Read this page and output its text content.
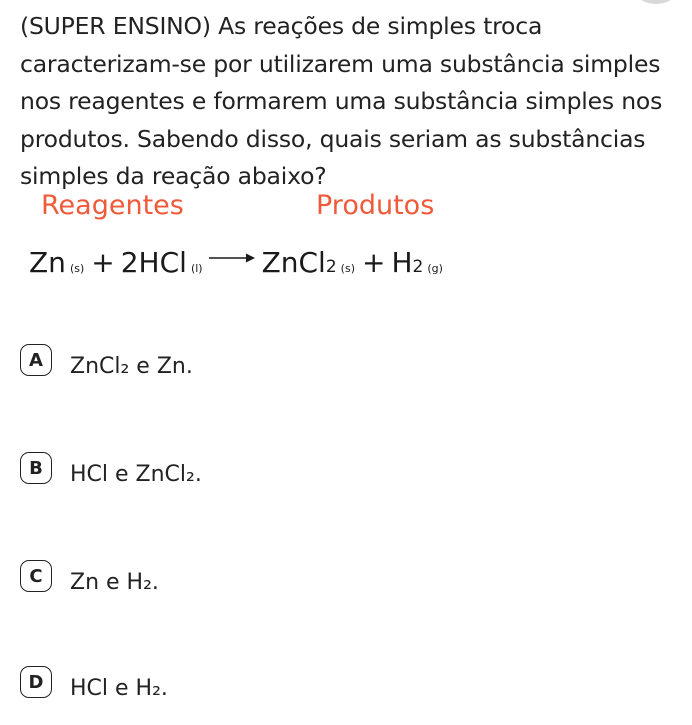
(SUPER ENSINO) As reações de simples troca caracterizam-se por utilizarem uma substância simples nos reagentes e formarem uma substância simples nos produtos. Sabendo disso, quais seriam as substâncias simples da reação abaixo?
Reagentes	Produtos
Zn (s) + 2HCl (l) → ZnCl 2 (s) + H 2 (g)
A	ZnCl₂ e Zn.
B	HCl e ZnCl₂.
C	Zn e H₂.
D	HCl e H₂.
